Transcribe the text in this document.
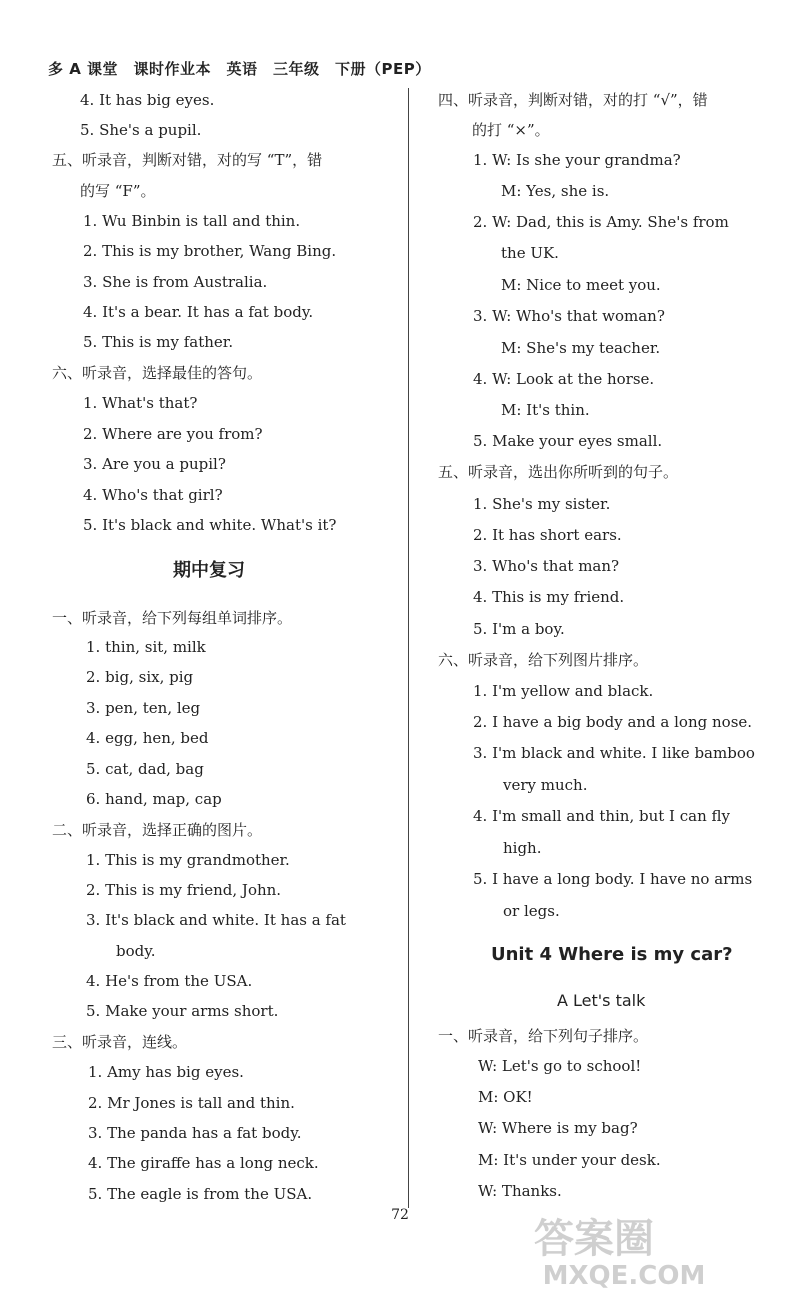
多 A 课堂　课时作业本　英语　三年级　下册（PEP）
4. It has big eyes.
5. She's a pupil.
五、听录音，判断对错，对的写 “T”，错
的写 “F”。
1. Wu Binbin is tall and thin.
2. This is my brother, Wang Bing.
3. She is from Australia.
4. It's a bear. It has a fat body.
5. This is my father.
六、听录音，选择最佳的答句。
1. What's that?
2. Where are you from?
3. Are you a pupil?
4. Who's that girl?
5. It's black and white. What's it?
期中复习
一、听录音，给下列每组单词排序。
1. thin, sit, milk
2. big, six, pig
3. pen, ten, leg
4. egg, hen, bed
5. cat, dad, bag
6. hand, map, cap
二、听录音，选择正确的图片。
1. This is my grandmother.
2. This is my friend, John.
3. It's black and white. It has a fat
body.
4. He's from the USA.
5. Make your arms short.
三、听录音，连线。
1. Amy has big eyes.
2. Mr Jones is tall and thin.
3. The panda has a fat body.
4. The giraffe has a long neck.
5. The eagle is from the USA.
四、听录音，判断对错，对的打 “√”，错
的打 “×”。
1. W: Is she your grandma?
M: Yes, she is.
2. W: Dad, this is Amy. She's from
the UK.
M: Nice to meet you.
3. W: Who's that woman?
M: She's my teacher.
4. W: Look at the horse.
M: It's thin.
5. Make your eyes small.
五、听录音，选出你所听到的句子。
1. She's my sister.
2. It has short ears.
3. Who's that man?
4. This is my friend.
5. I'm a boy.
六、听录音，给下列图片排序。
1. I'm yellow and black.
2. I have a big body and a long nose.
3. I'm black and white. I like bamboo
very much.
4. I'm small and thin, but I can fly
high.
5. I have a long body. I have no arms
or legs.
Unit 4 Where is my car?
A Let's talk
一、听录音，给下列句子排序。
W: Let's go to school!
M: OK!
W: Where is my bag?
M: It's under your desk.
W: Thanks.
72
答案圈
MXQE.COM
